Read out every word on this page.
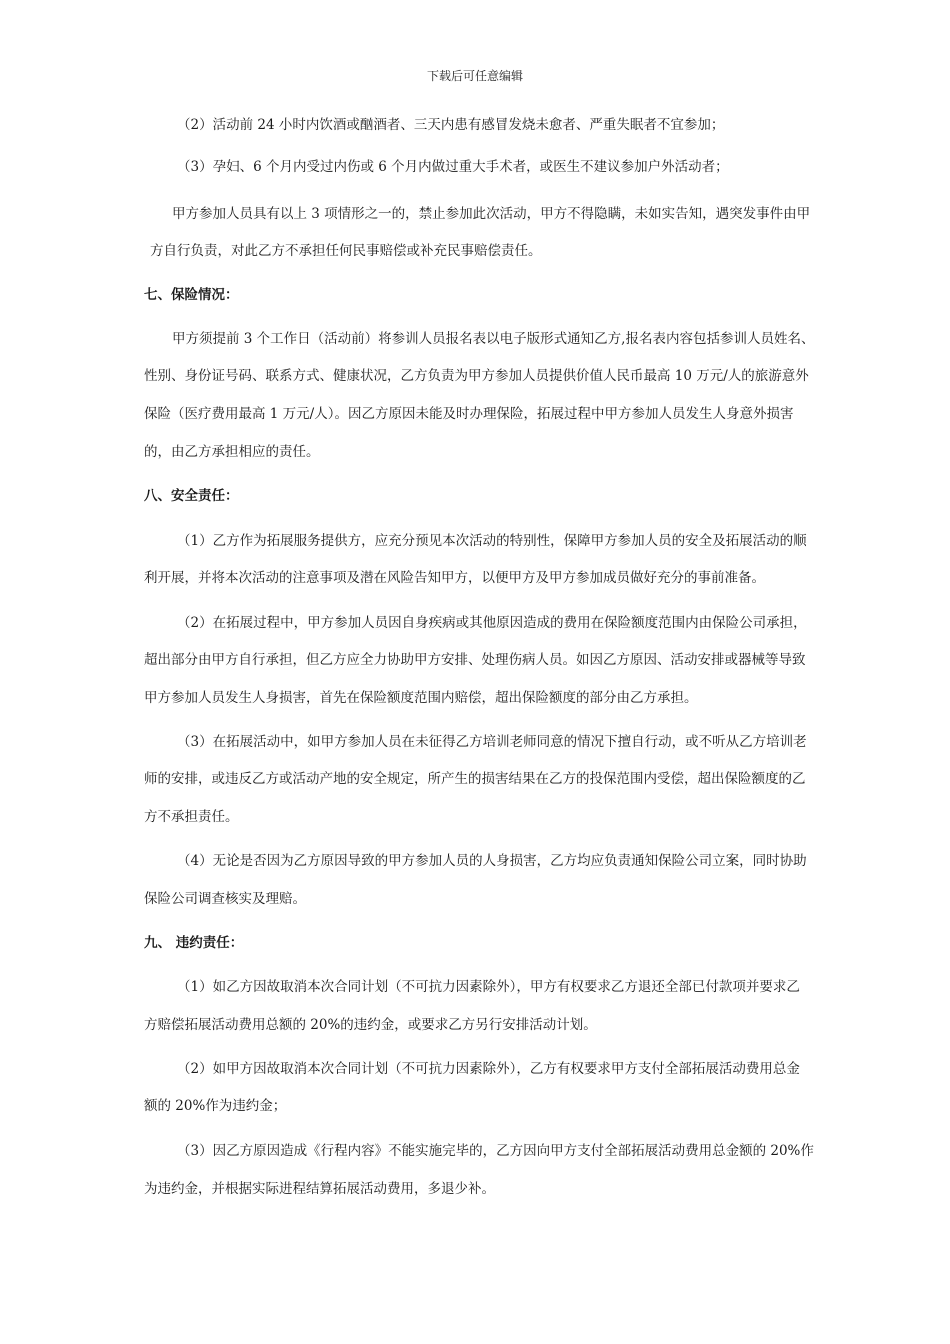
下载后可任意编辑
（2）活动前 24 小时内饮酒或酗酒者、三天内患有感冒发烧未愈者、严重失眠者不宜参加；
（3）孕妇、6 个月内受过内伤或 6 个月内做过重大手术者，或医生不建议参加户外活动者；
甲方参加人员具有以上 3 项情形之一的，禁止参加此次活动，甲方不得隐瞒，未如实告知，遇突发事件由甲
方自行负责，对此乙方不承担任何民事赔偿或补充民事赔偿责任。
七、保险情况：
甲方须提前 3 个工作日（活动前）将参训人员报名表以电子版形式通知乙方,报名表内容包括参训人员姓名、
性别、身份证号码、联系方式、健康状况，乙方负责为甲方参加人员提供价值人民币最高 10 万元/人的旅游意外
保险（医疗费用最高 1 万元/人）。因乙方原因未能及时办理保险，拓展过程中甲方参加人员发生人身意外损害
的，由乙方承担相应的责任。
八、安全责任：
（1）乙方作为拓展服务提供方，应充分预见本次活动的特别性，保障甲方参加人员的安全及拓展活动的顺
利开展，并将本次活动的注意事项及潜在风险告知甲方，以便甲方及甲方参加成员做好充分的事前准备。
（2）在拓展过程中，甲方参加人员因自身疾病或其他原因造成的费用在保险额度范围内由保险公司承担，
超出部分由甲方自行承担，但乙方应全力协助甲方安排、处理伤病人员。如因乙方原因、活动安排或器械等导致
甲方参加人员发生人身损害，首先在保险额度范围内赔偿，超出保险额度的部分由乙方承担。
（3）在拓展活动中，如甲方参加人员在未征得乙方培训老师同意的情况下擅自行动，或不听从乙方培训老
师的安排，或违反乙方或活动产地的安全规定，所产生的损害结果在乙方的投保范围内受偿，超出保险额度的乙
方不承担责任。
（4）无论是否因为乙方原因导致的甲方参加人员的人身损害，乙方均应负责通知保险公司立案，同时协助
保险公司调查核实及理赔。
九、 违约责任：
（1）如乙方因故取消本次合同计划（不可抗力因素除外），甲方有权要求乙方退还全部已付款项并要求乙
方赔偿拓展活动费用总额的 20%的违约金，或要求乙方另行安排活动计划。
（2）如甲方因故取消本次合同计划（不可抗力因素除外），乙方有权要求甲方支付全部拓展活动费用总金
额的 20%作为违约金；
（3）因乙方原因造成《行程内容》不能实施完毕的，乙方因向甲方支付全部拓展活动费用总金额的 20%作
为违约金，并根据实际进程结算拓展活动费用，多退少补。
